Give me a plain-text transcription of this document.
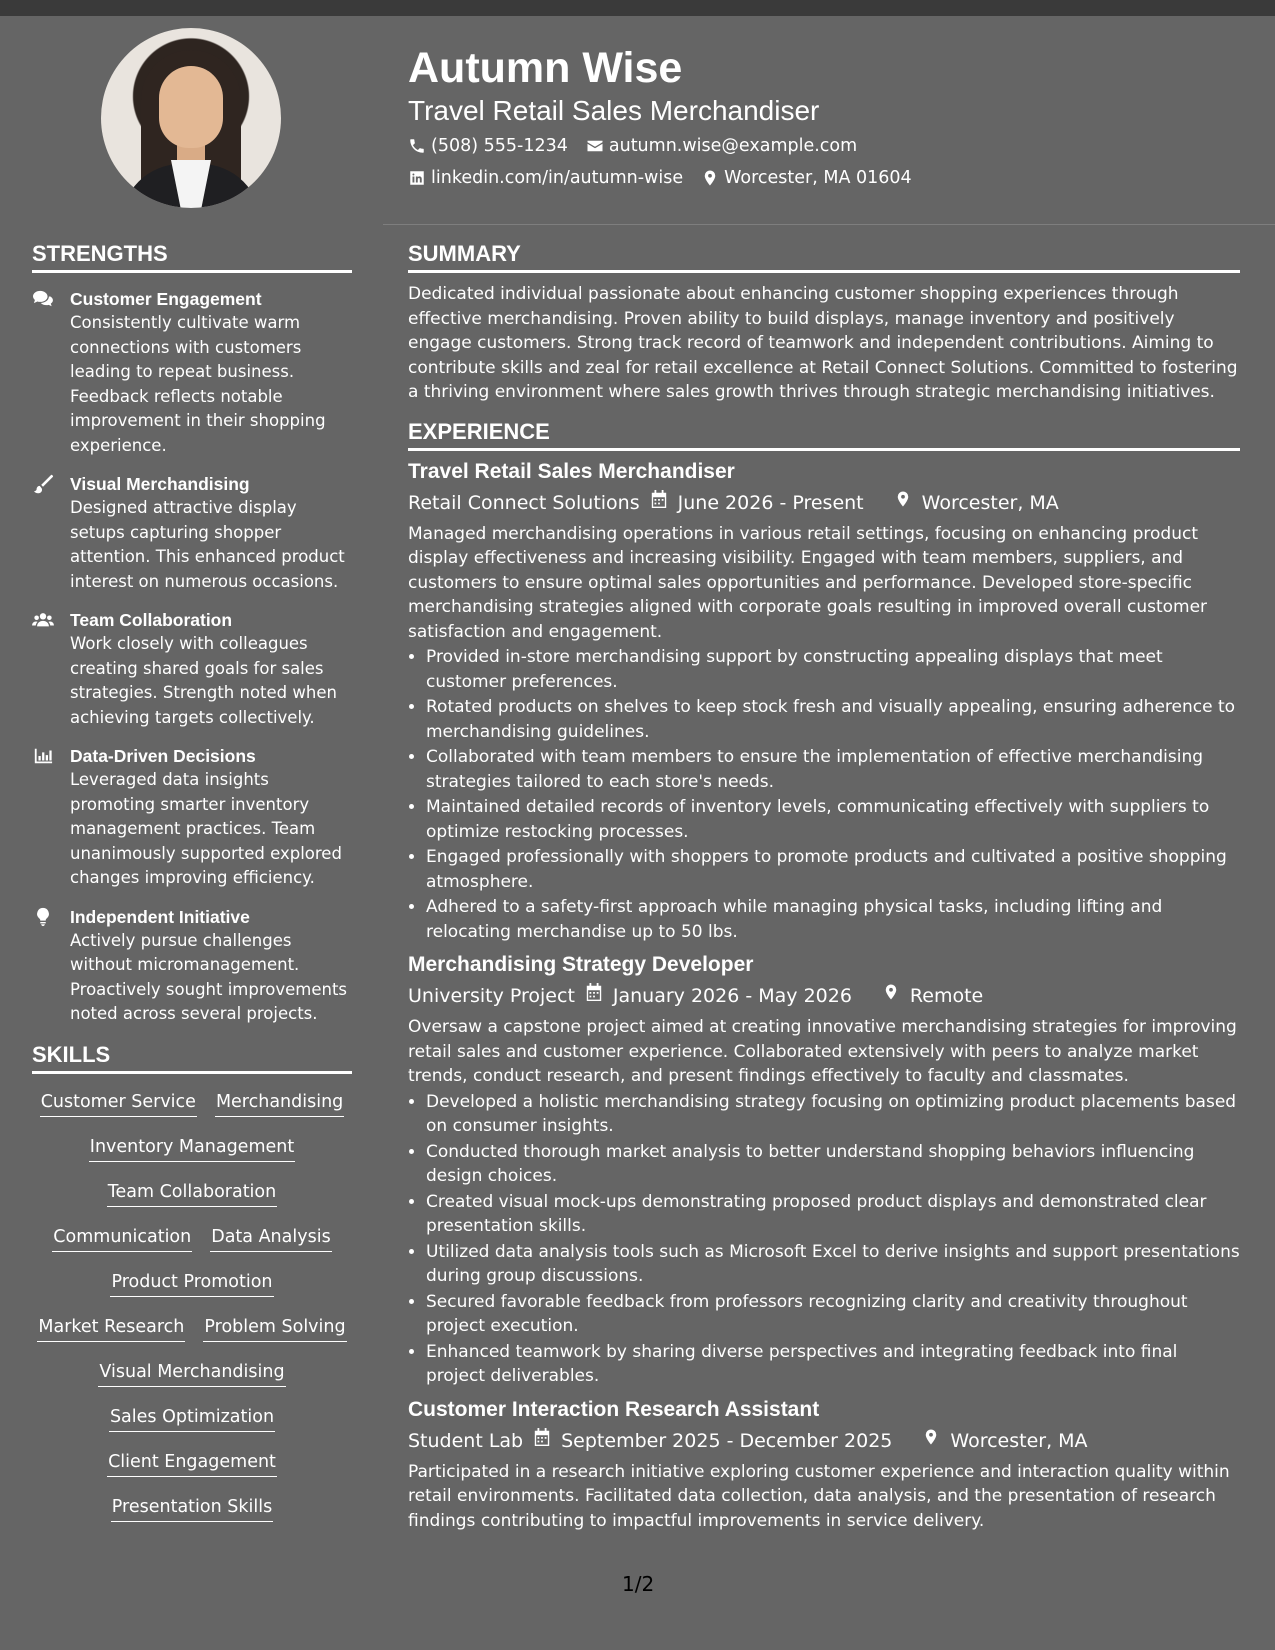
Autumn Wise
Travel Retail Sales Merchandiser
(508) 555-1234 autumn.wise@example.com
linkedin.com/in/autumn-wise Worcester, MA 01604
STRENGTHS
Customer Engagement
Consistently cultivate warm connections with customers leading to repeat business. Feedback reflects notable improvement in their shopping experience.
Visual Merchandising
Designed attractive display setups capturing shopper attention. This enhanced product interest on numerous occasions.
Team Collaboration
Work closely with colleagues creating shared goals for sales strategies. Strength noted when achieving targets collectively.
Data-Driven Decisions
Leveraged data insights promoting smarter inventory management practices. Team unanimously supported explored changes improving efficiency.
Independent Initiative
Actively pursue challenges without micromanagement. Proactively sought improvements noted across several projects.
SKILLS
Customer Service Merchandising
Inventory Management
Team Collaboration
Communication Data Analysis
Product Promotion
Market Research Problem Solving
Visual Merchandising
Sales Optimization
Client Engagement
Presentation Skills
SUMMARY
Dedicated individual passionate about enhancing customer shopping experiences through effective merchandising. Proven ability to build displays, manage inventory and positively engage customers. Strong track record of teamwork and independent contributions. Aiming to contribute skills and zeal for retail excellence at Retail Connect Solutions. Committed to fostering a thriving environment where sales growth thrives through strategic merchandising initiatives.
EXPERIENCE
Travel Retail Sales Merchandiser
Retail Connect Solutions June 2026 - Present	Worcester, MA
Managed merchandising operations in various retail settings, focusing on enhancing product display effectiveness and increasing visibility. Engaged with team members, suppliers, and customers to ensure optimal sales opportunities and performance. Developed store-specific merchandising strategies aligned with corporate goals resulting in improved overall customer satisfaction and engagement.
• Provided in-store merchandising support by constructing appealing displays that meet customer preferences.
• Rotated products on shelves to keep stock fresh and visually appealing, ensuring adherence to merchandising guidelines.
• Collaborated with team members to ensure the implementation of effective merchandising strategies tailored to each store's needs.
• Maintained detailed records of inventory levels, communicating effectively with suppliers to optimize restocking processes.
• Engaged professionally with shoppers to promote products and cultivated a positive shopping atmosphere.
• Adhered to a safety-first approach while managing physical tasks, including lifting and relocating merchandise up to 50 lbs.
Merchandising Strategy Developer
University Project January 2026 - May 2026	Remote
Oversaw a capstone project aimed at creating innovative merchandising strategies for improving retail sales and customer experience. Collaborated extensively with peers to analyze market trends, conduct research, and present findings effectively to faculty and classmates.
• Developed a holistic merchandising strategy focusing on optimizing product placements based on consumer insights.
• Conducted thorough market analysis to better understand shopping behaviors influencing design choices.
• Created visual mock-ups demonstrating proposed product displays and demonstrated clear presentation skills.
• Utilized data analysis tools such as Microsoft Excel to derive insights and support presentations during group discussions.
• Secured favorable feedback from professors recognizing clarity and creativity throughout project execution.
• Enhanced teamwork by sharing diverse perspectives and integrating feedback into final project deliverables.
Customer Interaction Research Assistant
Student Lab September 2025 - December 2025	Worcester, MA
Participated in a research initiative exploring customer experience and interaction quality within retail environments. Facilitated data collection, data analysis, and the presentation of research findings contributing to impactful improvements in service delivery.
1/2
